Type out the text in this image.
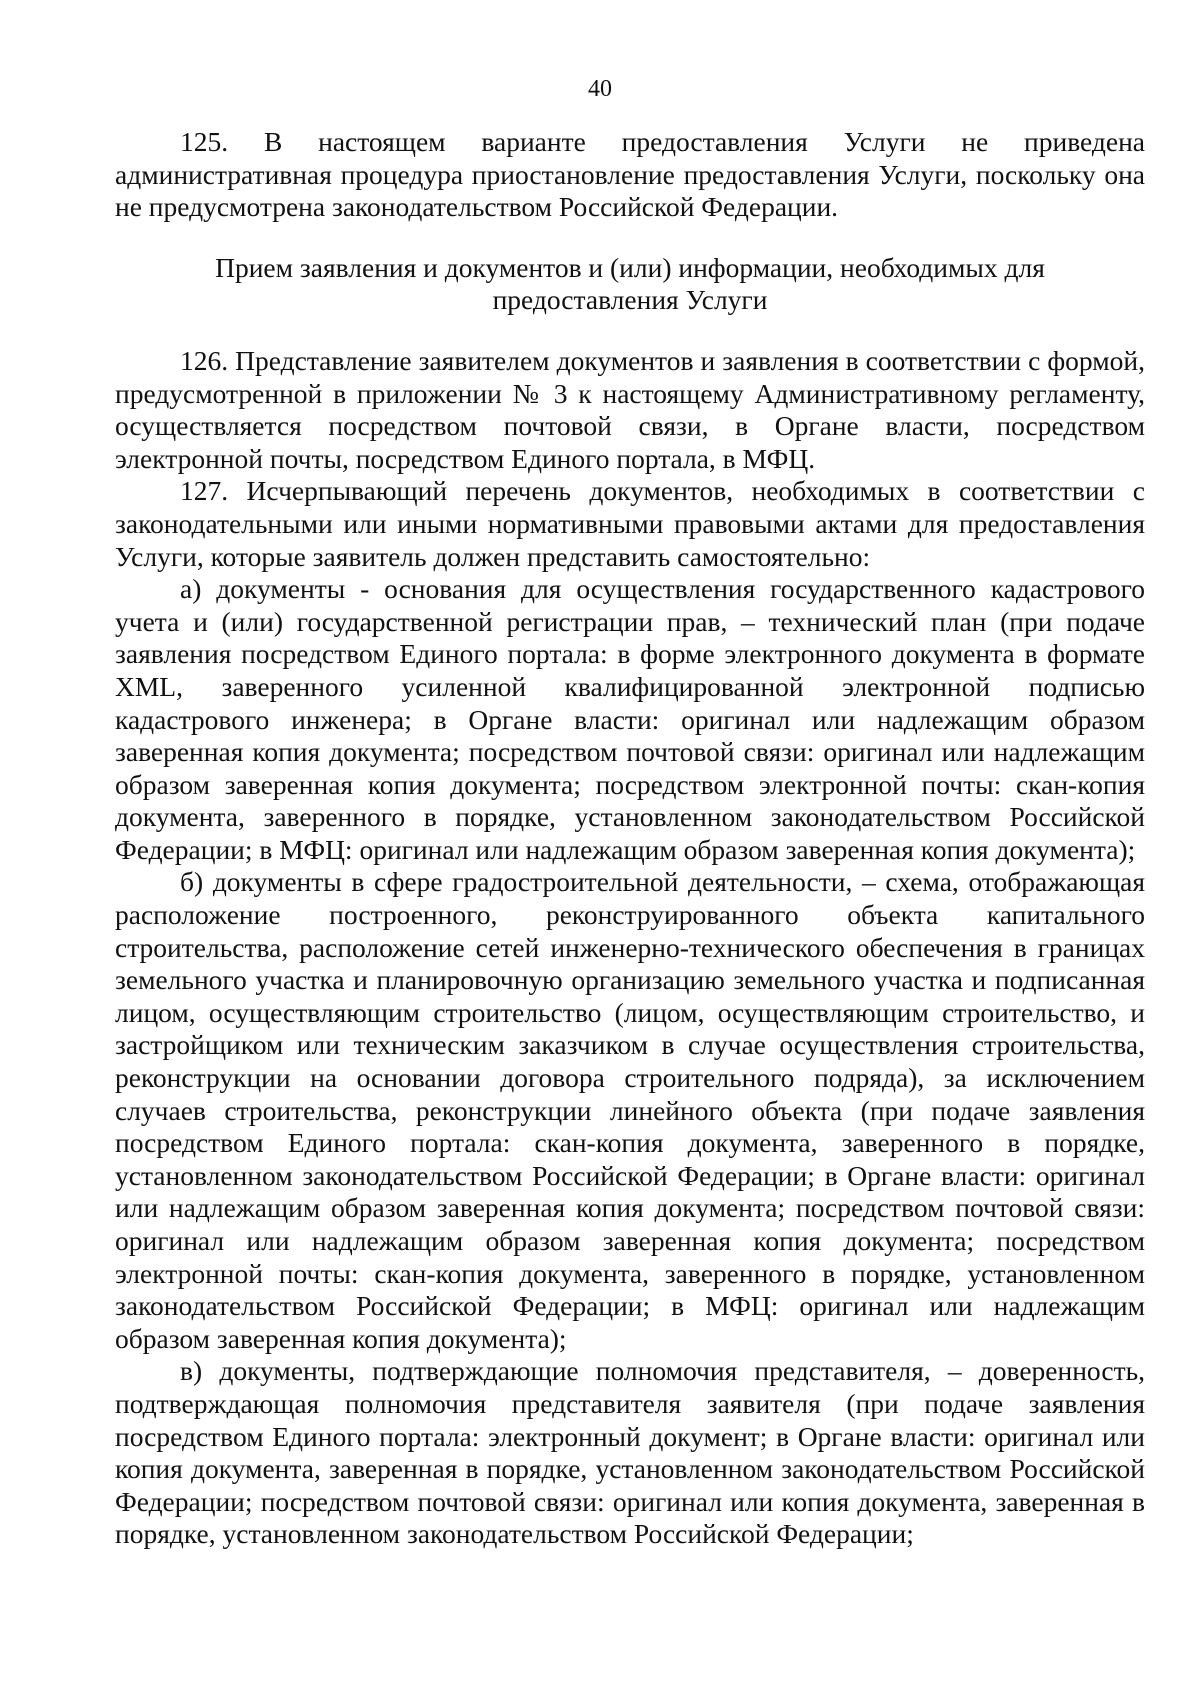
40

125. В настоящем варианте предоставления Услуги не приведена административная процедура приостановление предоставления Услуги, поскольку она не предусмотрена законодательством Российской Федерации.

Прием заявления и документов и (или) информации, необходимых для
предоставления Услуги

126. Представление заявителем документов и заявления в соответствии с формой, предусмотренной в приложении № 3 к настоящему Административному регламенту, осуществляется посредством почтовой связи, в Органе власти, посредством электронной почты, посредством Единого портала, в МФЦ.

127. Исчерпывающий перечень документов, необходимых в соответствии с законодательными или иными нормативными правовыми актами для предоставления Услуги, которые заявитель должен представить самостоятельно:

а) документы - основания для осуществления государственного кадастрового учета и (или) государственной регистрации прав, – технический план (при подаче заявления посредством Единого портала: в форме электронного документа в формате XML, заверенного усиленной квалифицированной электронной подписью кадастрового инженера; в Органе власти: оригинал или надлежащим образом заверенная копия документа; посредством почтовой связи: оригинал или надлежащим образом заверенная копия документа; посредством электронной почты: скан-копия документа, заверенного в порядке, установленном законодательством Российской Федерации; в МФЦ: оригинал или надлежащим образом заверенная копия документа);

б) документы в сфере градостроительной деятельности, – схема, отображающая расположение построенного, реконструированного объекта капитального строительства, расположение сетей инженерно-технического обеспечения в границах земельного участка и планировочную организацию земельного участка и подписанная лицом, осуществляющим строительство (лицом, осуществляющим строительство, и застройщиком или техническим заказчиком в случае осуществления строительства, реконструкции на основании договора строительного подряда), за исключением случаев строительства, реконструкции линейного объекта (при подаче заявления посредством Единого портала: скан-копия документа, заверенного в порядке, установленном законодательством Российской Федерации; в Органе власти: оригинал или надлежащим образом заверенная копия документа; посредством почтовой связи: оригинал или надлежащим образом заверенная копия документа; посредством электронной почты: скан-копия документа, заверенного в порядке, установленном законодательством Российской Федерации; в МФЦ: оригинал или надлежащим образом заверенная копия документа);

в) документы, подтверждающие полномочия представителя, – доверенность, подтверждающая полномочия представителя заявителя (при подаче заявления посредством Единого портала: электронный документ; в Органе власти: оригинал или копия документа, заверенная в порядке, установленном законодательством Российской Федерации; посредством почтовой связи: оригинал или копия документа, заверенная в порядке, установленном законодательством Российской Федерации;
